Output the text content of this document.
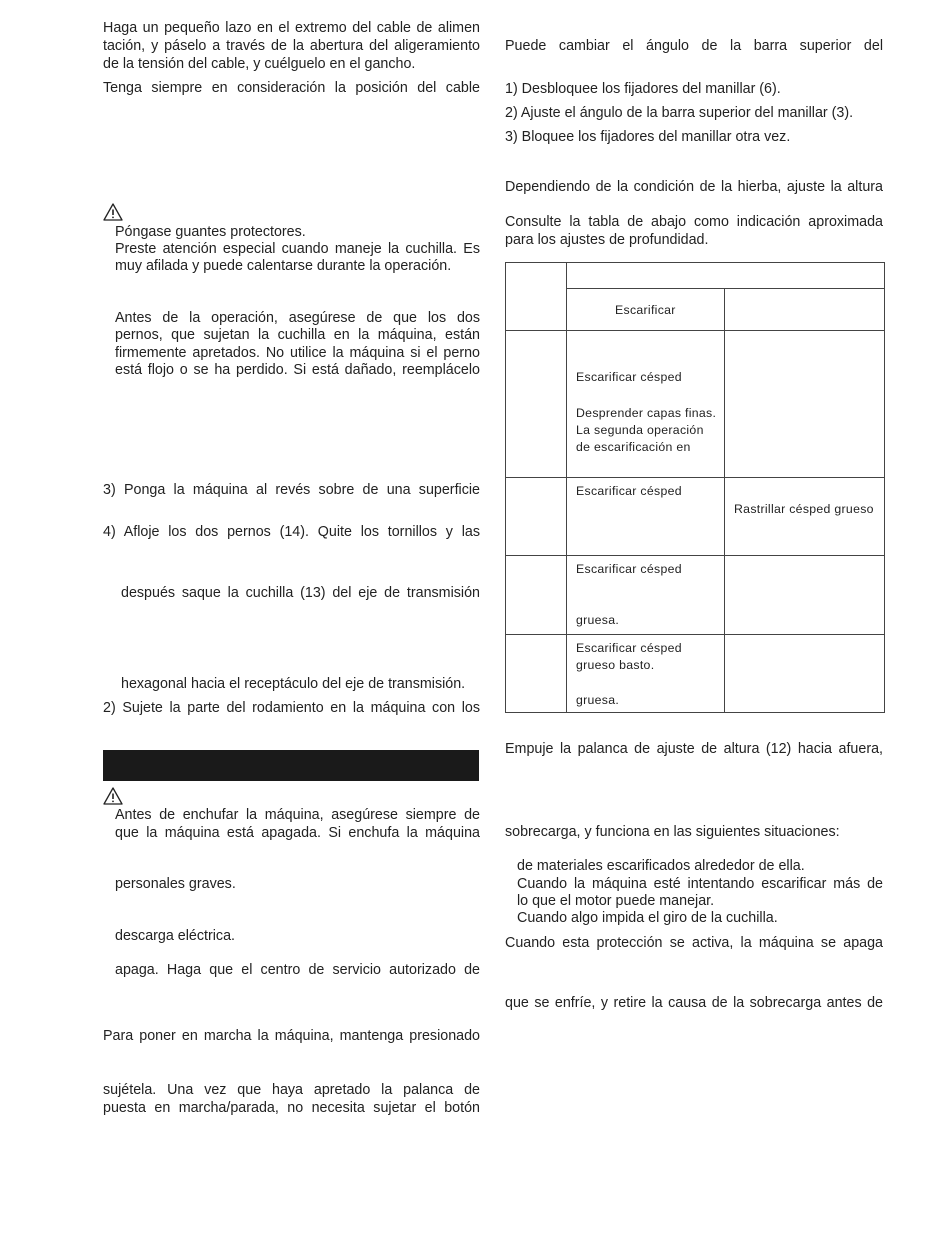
Haga un pequeño lazo en el extremo del cable de alimen
tación, y páselo a través de la abertura del aligeramiento
de la tensión del cable, y cuélguelo en el gancho.
Tenga siempre en consideración la posición del cable
Póngase guantes protectores.
Preste atención especial cuando maneje la cuchilla. Es
muy afilada y puede calentarse durante la operación.
Antes de la operación, asegúrese de que los dos
pernos, que sujetan la cuchilla en la máquina, están
firmemente apretados. No utilice la máquina si el perno
está flojo o se ha perdido. Si está dañado, reemplácelo
3) Ponga la máquina al revés sobre de una superficie
4) Afloje los dos pernos (14). Quite los tornillos y las
después saque la cuchilla (13) del eje de transmisión
hexagonal hacia el receptáculo del eje de transmisión.
2) Sujete la parte del rodamiento en la máquina con los
Antes de enchufar la máquina, asegúrese siempre de
que la máquina está apagada. Si enchufa la máquina
personales graves.
descarga eléctrica.
apaga. Haga que el centro de servicio autorizado de
Para poner en marcha la máquina, mantenga presionado
sujétela. Una vez que haya apretado la palanca de
puesta en marcha/parada, no necesita sujetar el botón
Puede cambiar el ángulo de la barra superior del
1) Desbloquee los fijadores del manillar (6).
2) Ajuste el ángulo de la barra superior del manillar (3).
3) Bloquee los fijadores del manillar otra vez.
Dependiendo de la condición de la hierba, ajuste la altura
Consulte la tabla de abajo como indicación aproximada
para los ajustes de profundidad.

	Escarificar	

	Escarificar césped
Desprender capas finas.
La segunda operación
de escarificación en	

	Escarificar césped	Rastrillar césped grueso

	Escarificar césped
gruesa.	

	Escarificar césped
grueso basto.
gruesa.	

Empuje la palanca de ajuste de altura (12) hacia afuera,
sobrecarga, y funciona en las siguientes situaciones:
de materiales escarificados alrededor de ella.
Cuando la máquina esté intentando escarificar más de
lo que el motor puede manejar.
Cuando algo impida el giro de la cuchilla.
Cuando esta protección se activa, la máquina se apaga
que se enfríe, y retire la causa de la sobrecarga antes de
